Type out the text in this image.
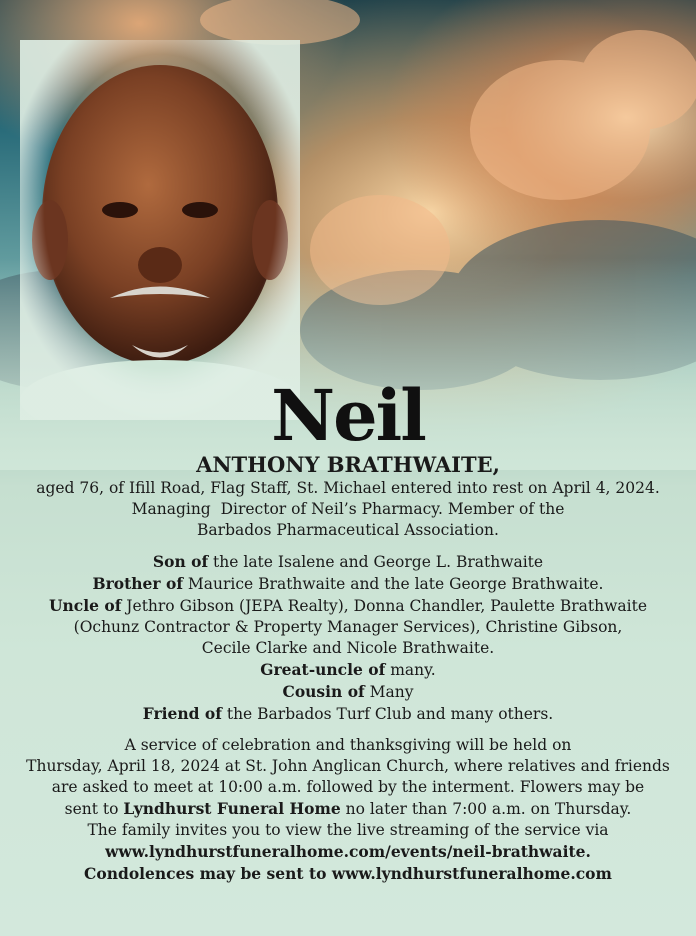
Neil
ANTHONY BRATHWAITE,
aged 76, of Ifill Road, Flag Staff, St. Michael entered into rest on April 4, 2024.
Managing  Director of Neil’s Pharmacy. Member of the
Barbados Pharmaceutical Association.
Son of the late Isalene and George L. Brathwaite
Brother of Maurice Brathwaite and the late George Brathwaite.
Uncle of Jethro Gibson (JEPA Realty), Donna Chandler, Paulette Brathwaite
(Ochunz Contractor & Property Manager Services), Christine Gibson,
Cecile Clarke and Nicole Brathwaite.
Great-uncle of many.
Cousin of Many
Friend of the Barbados Turf Club and many others.
A service of celebration and thanksgiving will be held on
Thursday, April 18, 2024 at St. John Anglican Church, where relatives and friends
are asked to meet at 10:00 a.m. followed by the interment. Flowers may be
sent to Lyndhurst Funeral Home no later than 7:00 a.m. on Thursday.
The family invites you to view the live streaming of the service via
www.lyndhurstfuneralhome.com/events/neil-brathwaite.
Condolences may be sent to www.lyndhurstfuneralhome.com
